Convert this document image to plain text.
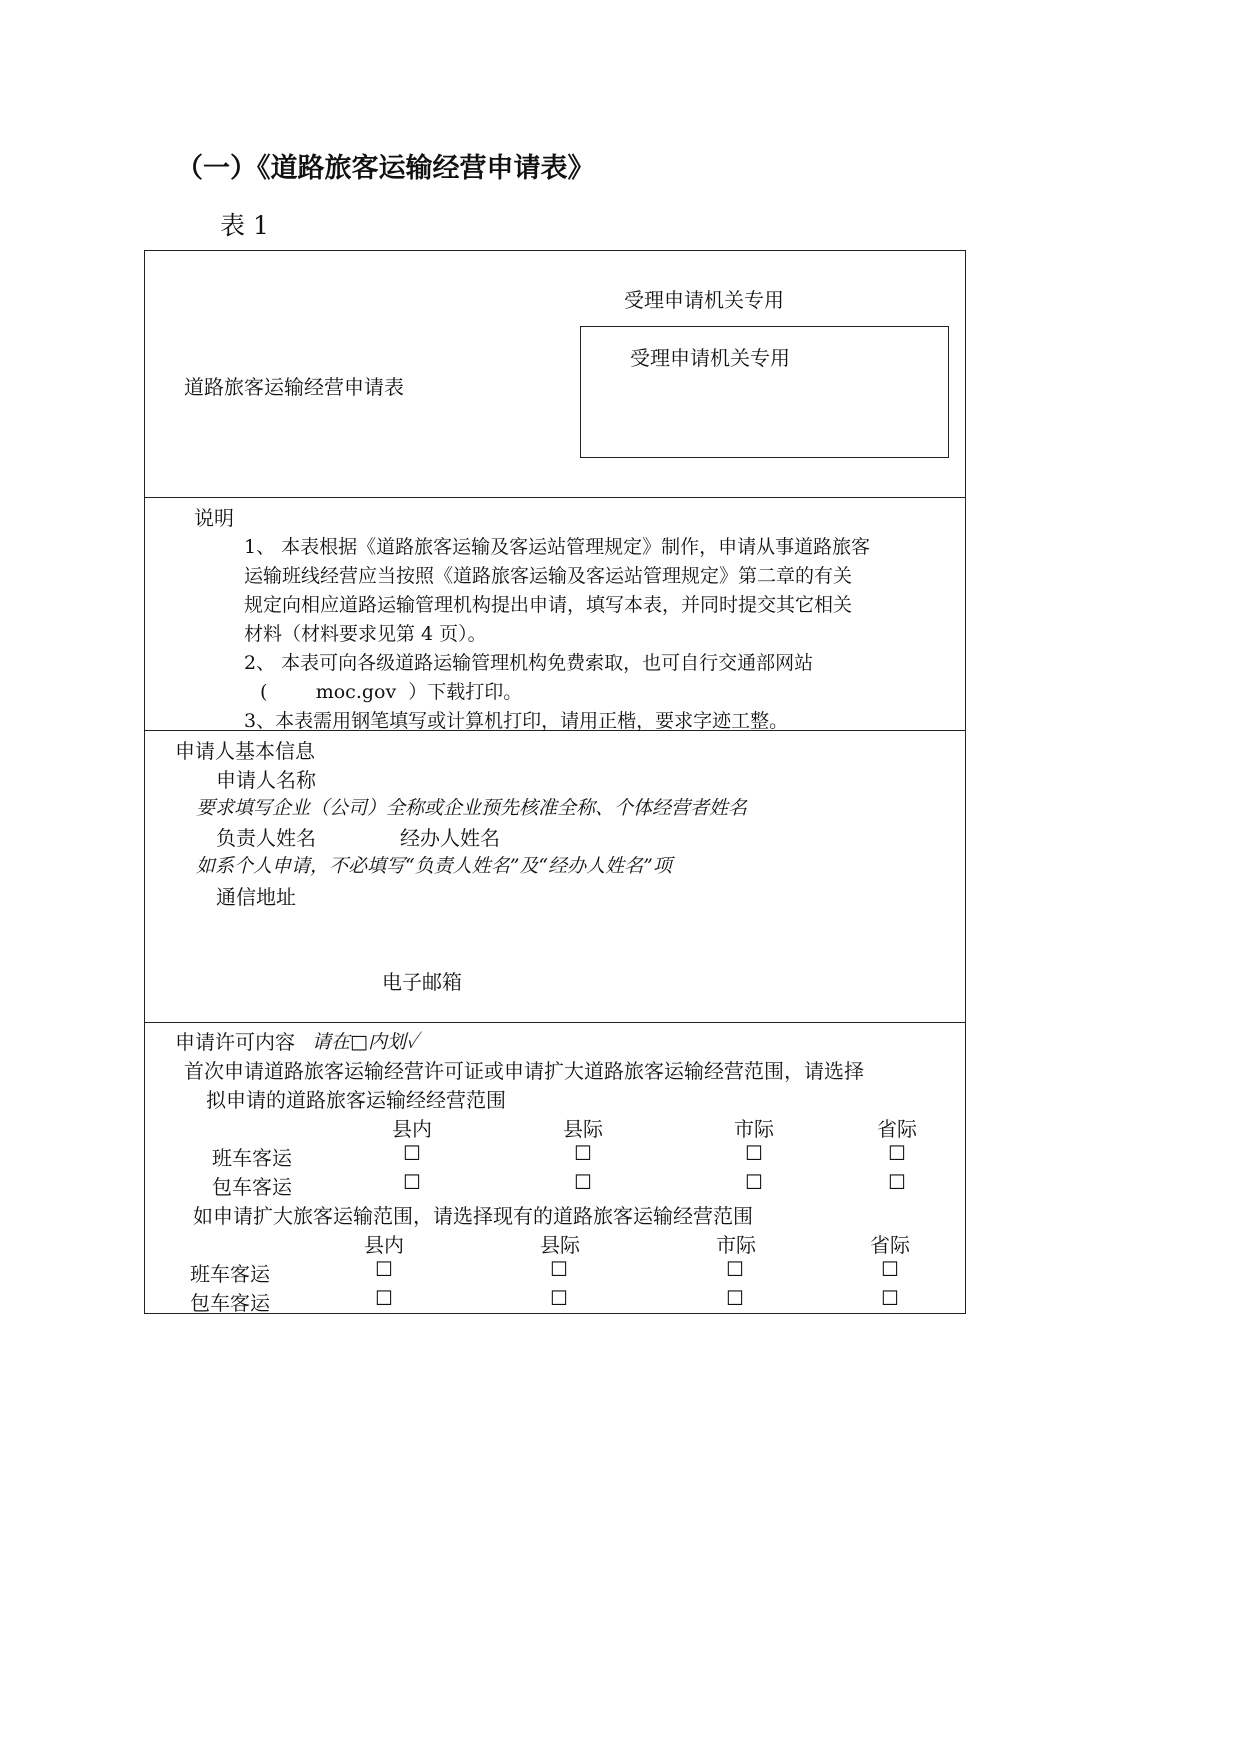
（一）《道路旅客运输经营申请表》
表 1
受理申请机关专用
受理申请机关专用
道路旅客运输经营申请表
说明
1、 本表根据《道路旅客运输及客运站管理规定》制作，申请从事道路旅客
运输班线经营应当按照《道路旅客运输及客运站管理规定》第二章的有关
规定向相应道路运输管理机构提出申请，填写本表，并同时提交其它相关
材料（材料要求见第 4 页）。
2、 本表可向各级道路运输管理机构免费索取，也可自行交通部网站
(        moc.gov  ）下载打印。
3、本表需用钢笔填写或计算机打印，请用正楷，要求字迹工整。
申请人基本信息
申请人名称
要求填写企业（公司）全称或企业预先核准全称、个体经营者姓名
负责人姓名	经办人姓名
如系个人申请，不必填写“负责人姓名”及“经办人姓名”项
通信地址
电子邮箱
申请许可内容 请在□内划✓
首次申请道路旅客运输经营许可证或申请扩大道路旅客运输经营范围，请选择
拟申请的道路旅客运输经经营范围
县内	县际	市际	省际
班车客运	☐	☐	☐	☐
包车客运	☐	☐	☐	☐
如申请扩大旅客运输范围，请选择现有的道路旅客运输经营范围
县内	县际	市际	省际
班车客运	☐	☐	☐	☐
包车客运	☐	☐	☐	☐
